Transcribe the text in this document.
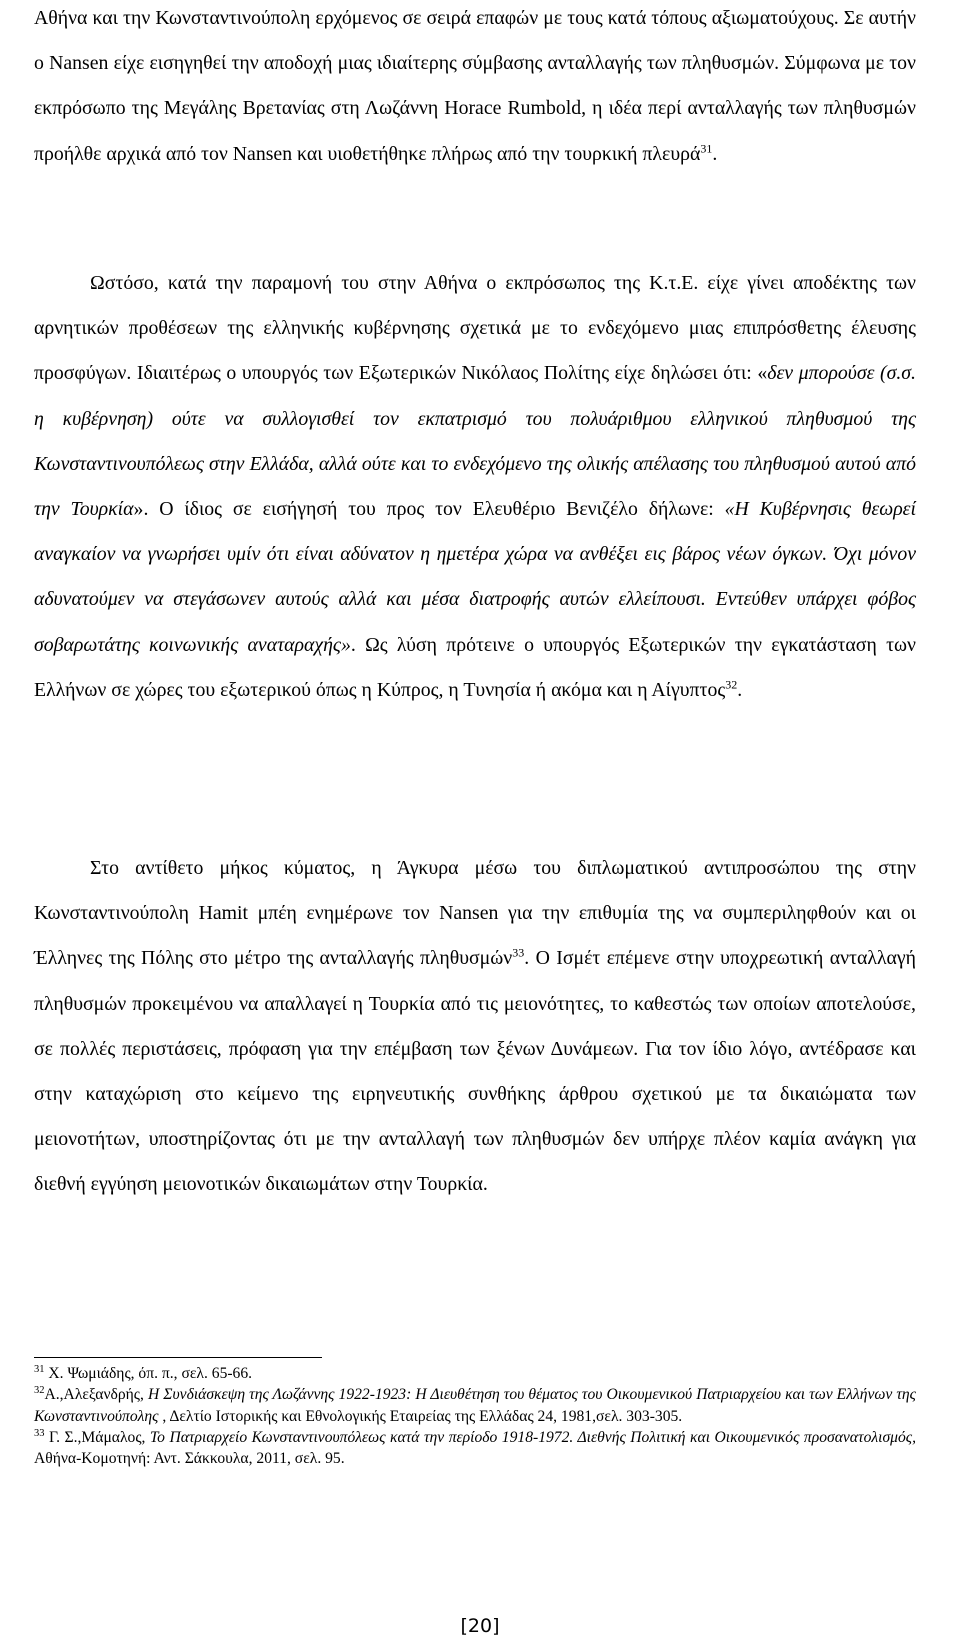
Αθήνα και την Κωνσταντινούπολη ερχόμενος σε σειρά επαφών με τους κατά τόπους αξιωματούχους. Σε αυτήν ο Nansen είχε εισηγηθεί την αποδοχή μιας ιδιαίτερης σύμβασης ανταλλαγής των πληθυσμών. Σύμφωνα με τον εκπρόσωπο της Μεγάλης Βρετανίας στη Λωζάννη Horace Rumbold, η ιδέα περί ανταλλαγής των πληθυσμών προήλθε αρχικά από τον Nansen και υιοθετήθηκε πλήρως από την τουρκική πλευρά$^{31}$.

Ωστόσο, κατά την παραμονή του στην Αθήνα ο εκπρόσωπος της Κ.τ.Ε. είχε γίνει αποδέκτης των αρνητικών προθέσεων της ελληνικής κυβέρνησης σχετικά με το ενδεχόμενο μιας επιπρόσθετης έλευσης προσφύγων. Ιδιαιτέρως ο υπουργός των Εξωτερικών Νικόλαος Πολίτης είχε δηλώσει ότι: «δεν μπορούσε (σ.σ. η κυβέρνηση) ούτε να συλλογισθεί τον εκπατρισμό του πολυάριθμου ελληνικού πληθυσμού της Κωνσταντινουπόλεως στην Ελλάδα, αλλά ούτε και το ενδεχόμενο της ολικής απέλασης του πληθυσμού αυτού από την Τουρκία». Ο ίδιος σε εισήγησή του προς τον Ελευθέριο Βενιζέλο δήλωνε: «Η Κυβέρνησις θεωρεί αναγκαίον να γνωρήσει υμίν ότι είναι αδύνατον η ημετέρα χώρα να ανθέξει εις βάρος νέων όγκων. Όχι μόνον αδυνατούμεν να στεγάσωνεν αυτούς αλλά και μέσα διατροφής αυτών ελλείπουσι. Εντεύθεν υπάρχει φόβος σοβαρωτάτης κοινωνικής αναταραχής». Ως λύση πρότεινε ο υπουργός Εξωτερικών την εγκατάσταση των Ελλήνων σε χώρες του εξωτερικού όπως η Κύπρος, η Τυνησία ή ακόμα και η Αίγυπτος$^{32}$.

Στο αντίθετο μήκος κύματος, η Άγκυρα μέσω του διπλωματικού αντιπροσώπου της στην Κωνσταντινούπολη Hamit μπέη ενημέρωνε τον Nansen για την επιθυμία της να συμπεριληφθούν και οι Έλληνες της Πόλης στο μέτρο της ανταλλαγής πληθυσμών$^{33}$. Ο Ισμέτ επέμενε στην υποχρεωτική ανταλλαγή πληθυσμών προκειμένου να απαλλαγεί η Τουρκία από τις μειονότητες, το καθεστώς των οποίων αποτελούσε, σε πολλές περιστάσεις, πρόφαση για την επέμβαση των ξένων Δυνάμεων. Για τον ίδιο λόγο, αντέδρασε και στην καταχώριση στο κείμενο της ειρηνευτικής συνθήκης άρθρου σχετικού με τα δικαιώματα των μειονοτήτων, υποστηρίζοντας ότι με την ανταλλαγή των πληθυσμών δεν υπήρχε πλέον καμία ανάγκη για διεθνή εγγύηση μειονοτικών δικαιωμάτων στην Τουρκία.

$^{31}$ Χ. Ψωμιάδης, όπ. π., σελ. 65-66.

$^{32}$Α.,Αλεξανδρής, Η Συνδιάσκεψη της Λωζάννης 1922-1923: Η Διευθέτηση του θέματος του Οικουμενικού Πατριαρχείου και των Ελλήνων της Κωνσταντινούπολης , Δελτίο Ιστορικής και Εθνολογικής Εταιρείας της Ελλάδας 24, 1981,σελ. 303-305.

$^{33}$ Γ. Σ.,Μάμαλος, Το Πατριαρχείο Κωνσταντινουπόλεως κατά την περίοδο 1918-1972. Διεθνής Πολιτική και Οικουμενικός προσανατολισμός, Αθήνα-Κομοτηνή: Αντ. Σάκκουλα, 2011, σελ. 95.

[20]
